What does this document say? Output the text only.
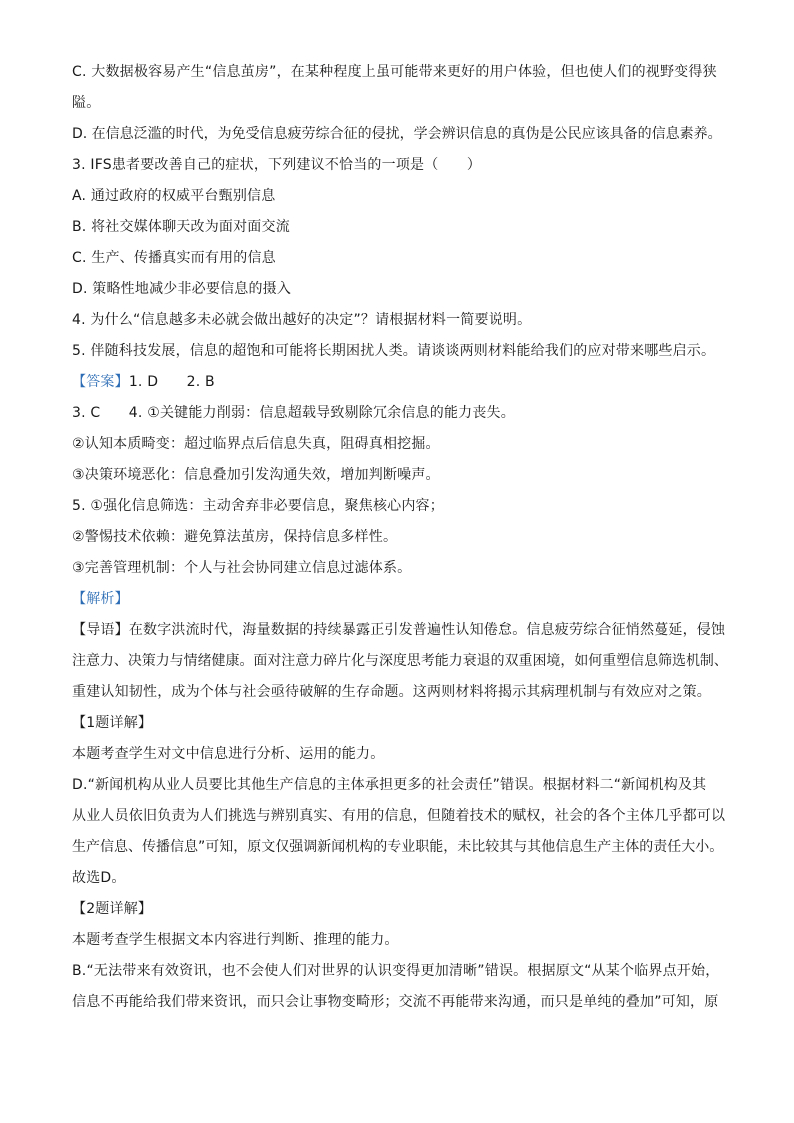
C. 大数据极容易产生“信息茧房”，在某种程度上虽可能带来更好的用户体验，但也使人们的视野变得狭
隘。
D. 在信息泛滥的时代，为免受信息疲劳综合征的侵扰，学会辨识信息的真伪是公民应该具备的信息素养。
3. IFS患者要改善自己的症状，下列建议不恰当的一项是（　　）
A. 通过政府的权威平台甄别信息
B. 将社交媒体聊天改为面对面交流
C. 生产、传播真实而有用的信息
D. 策略性地减少非必要信息的摄入
4. 为什么“信息越多未必就会做出越好的决定”？请根据材料一简要说明。
5. 伴随科技发展，信息的超饱和可能将长期困扰人类。请谈谈两则材料能给我们的应对带来哪些启示。
【答案】1. D　　2. B
3. C　　4. ①关键能力削弱：信息超载导致剔除冗余信息的能力丧失。
②认知本质畸变：超过临界点后信息失真，阻碍真相挖掘。
③决策环境恶化：信息叠加引发沟通失效，增加判断噪声。
5. ①强化信息筛选：主动舍弃非必要信息，聚焦核心内容；
②警惕技术依赖：避免算法茧房，保持信息多样性。
③完善管理机制：个人与社会协同建立信息过滤体系。
【解析】
【导语】在数字洪流时代，海量数据的持续暴露正引发普遍性认知倦怠。信息疲劳综合征悄然蔓延，侵蚀
注意力、决策力与情绪健康。面对注意力碎片化与深度思考能力衰退的双重困境，如何重塑信息筛选机制、
重建认知韧性，成为个体与社会亟待破解的生存命题。这两则材料将揭示其病理机制与有效应对之策。
【1题详解】
本题考查学生对文中信息进行分析、运用的能力。
D.“新闻机构从业人员要比其他生产信息的主体承担更多的社会责任”错误。根据材料二“新闻机构及其
从业人员依旧负责为人们挑选与辨别真实、有用的信息，但随着技术的赋权，社会的各个主体几乎都可以
生产信息、传播信息”可知，原文仅强调新闻机构的专业职能，未比较其与其他信息生产主体的责任大小。
故选D。
【2题详解】
本题考查学生根据文本内容进行判断、推理的能力。
B.“无法带来有效资讯，也不会使人们对世界的认识变得更加清晰”错误。根据原文“从某个临界点开始，
信息不再能给我们带来资讯，而只会让事物变畸形；交流不再能带来沟通，而只是单纯的叠加”可知，原
